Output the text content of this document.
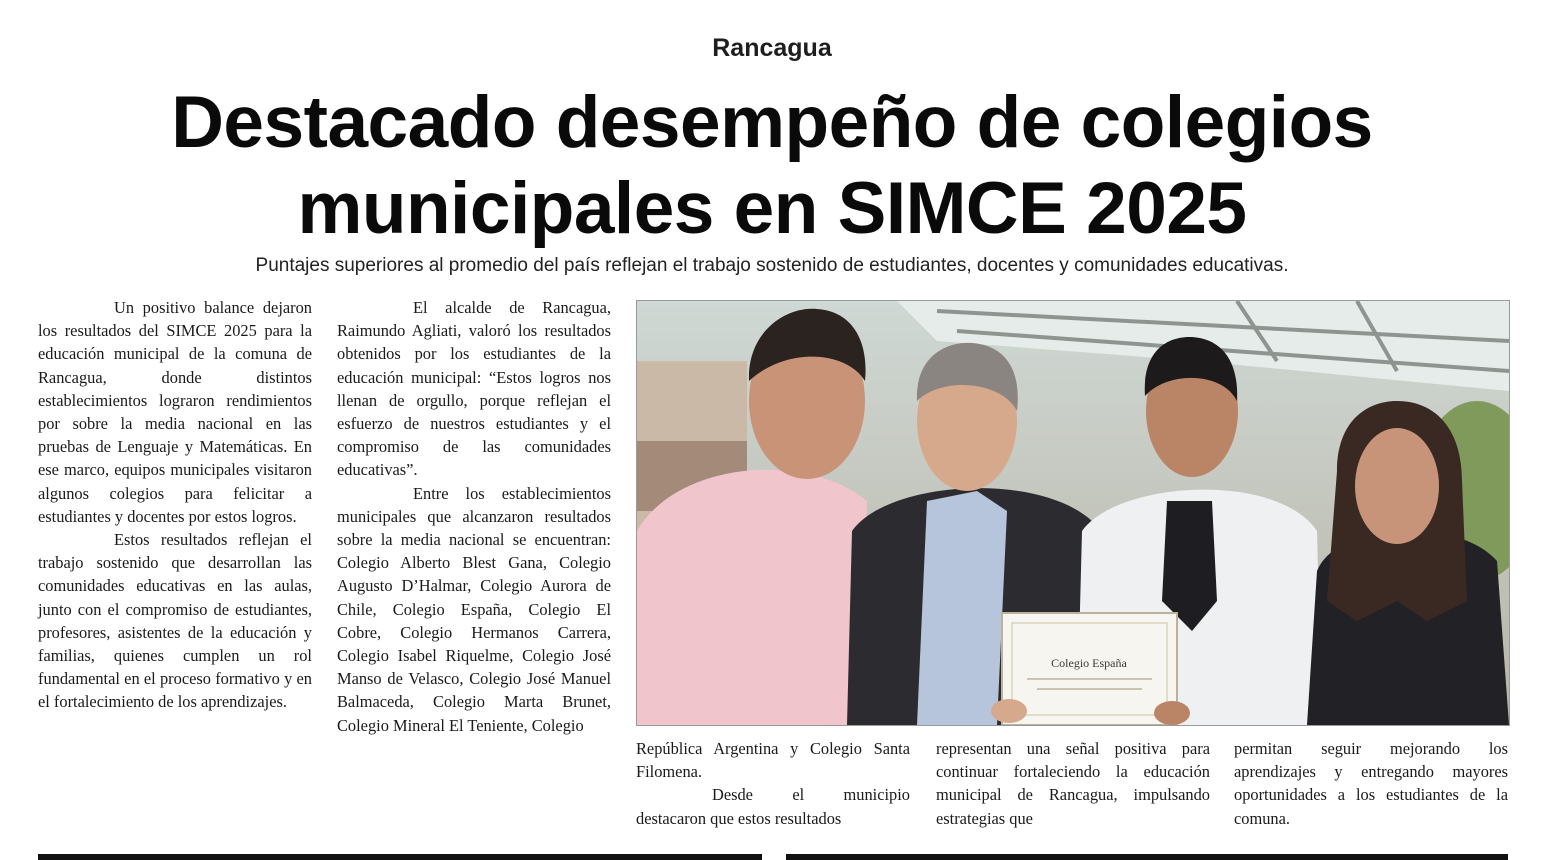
Rancagua
Destacado desempeño de colegios
municipales en SIMCE 2025
Puntajes superiores al promedio del país reflejan el trabajo sostenido de estudiantes, docentes y comunidades educativas.

Un positivo balance dejaron los resultados del SIMCE 2025 para la educación municipal de la comuna de Rancagua, donde distintos establecimientos lograron rendimientos por sobre la media nacional en las pruebas de Lenguaje y Matemáticas. En ese marco, equipos municipales visitaron algunos colegios para felicitar a estudiantes y docentes por estos logros.

Estos resultados reflejan el trabajo sostenido que desarrollan las comunidades educativas en las aulas, junto con el compromiso de estudiantes, profesores, asistentes de la educación y familias, quienes cumplen un rol fundamental en el proceso formativo y en el fortalecimiento de los aprendizajes.

El alcalde de Rancagua, Raimundo Agliati, valoró los resultados obtenidos por los estudiantes de la educación municipal: “Estos logros nos llenan de orgullo, porque reflejan el esfuerzo de nuestros estudiantes y el compromiso de las comunidades educativas”.

Entre los establecimientos municipales que alcanzaron resultados sobre la media nacional se encuentran: Colegio Alberto Blest Gana, Colegio Augusto D’Halmar, Colegio Aurora de Chile, Colegio España, Colegio El Cobre, Colegio Hermanos Carrera, Colegio Isabel Riquelme, Colegio José Manso de Velasco, Colegio José Manuel Balmaceda, Colegio Marta Brunet, Colegio Mineral El Teniente, Colegio

Colegio España

República Argentina y Colegio Santa Filomena.

Desde el municipio destacaron que estos resultados

representan una señal positiva para continuar fortaleciendo la educación municipal de Rancagua, impulsando estrategias que

permitan seguir mejorando los aprendizajes y entregando mayores oportunidades a los estudiantes de la comuna.
